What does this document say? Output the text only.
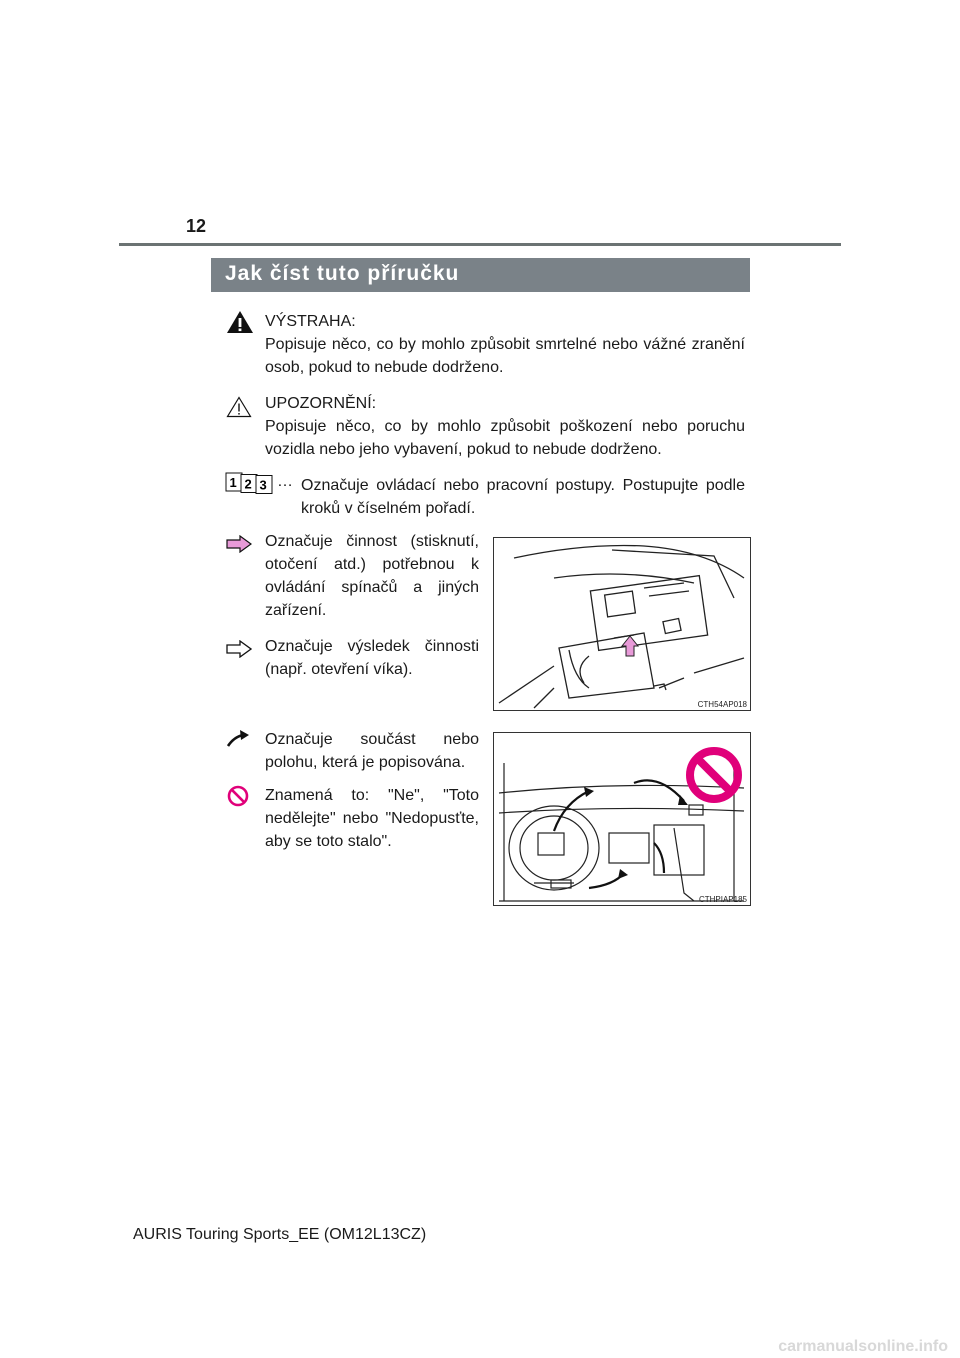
12
Jak číst tuto příručku
VÝSTRAHA:
Popisuje něco, co by mohlo způsobit smrtelné nebo vážné zranění osob, pokud to nebude dodrženo.
UPOZORNĚNÍ:
Popisuje něco, co by mohlo způsobit poškození nebo poruchu vozidla nebo jeho vybavení, pokud to nebude dodrženo.
1 2 3 … Označuje ovládací nebo pracovní postupy. Postupujte podle kroků v číselném pořadí.
Označuje činnost (stisknutí, otočení atd.) potřebnou k ovládání spínačů a jiných zařízení.
Označuje výsledek činnosti (např. otevření víka).
Označuje součást nebo polohu, která je popisována.
Znamená to: "Ne", "Toto nedělejte" nebo "Nedopusťte, aby se toto stalo".
CTH54AP018
CTHPIAP185
AURIS Touring Sports_EE (OM12L13CZ)
carmanualsonline.info
